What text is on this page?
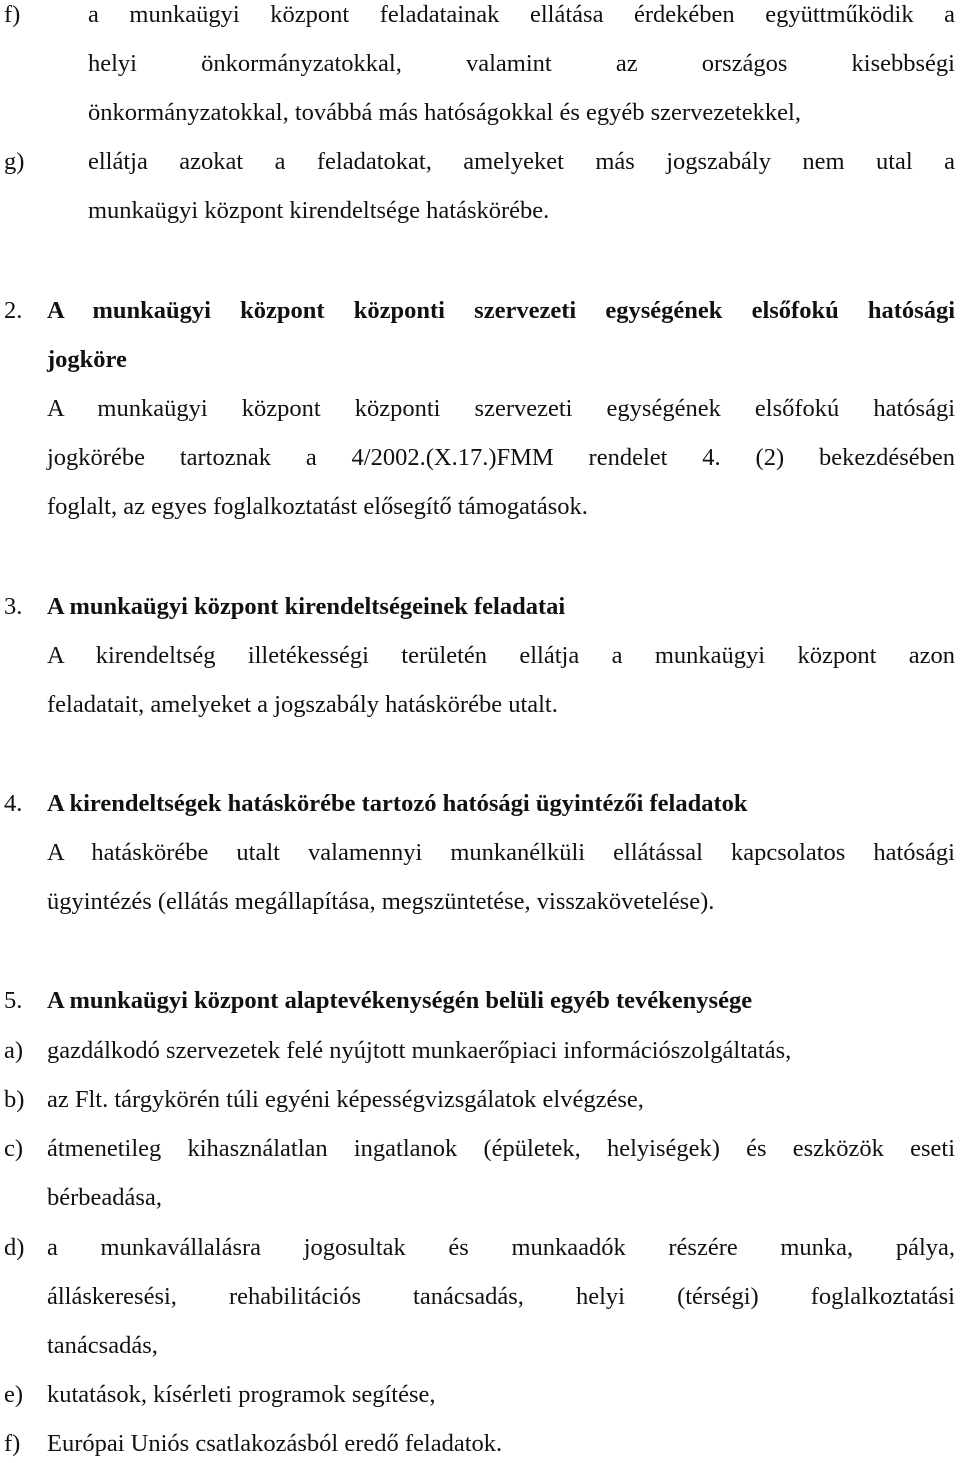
f)	a munkaügyi központ feladatainak ellátása érdekében együttműködik a

helyi önkormányzatokkal, valamint az országos kisebbségi

önkormányzatokkal, továbbá más hatóságokkal és egyéb szervezetekkel,

g)	ellátja azokat a feladatokat, amelyeket más jogszabály nem utal a

munkaügyi központ kirendeltsége hatáskörébe.

2. A munkaügyi központ központi szervezeti egységének elsőfokú hatósági

jogköre

A munkaügyi központ központi szervezeti egységének elsőfokú hatósági

jogkörébe tartoznak a 4/2002.(X.17.)FMM rendelet 4. (2) bekezdésében

foglalt, az egyes foglalkoztatást elősegítő támogatások.

3. A munkaügyi központ kirendeltségeinek feladatai

A kirendeltség illetékességi területén ellátja a munkaügyi központ azon

feladatait, amelyeket a jogszabály hatáskörébe utalt.

4. A kirendeltségek hatáskörébe tartozó hatósági ügyintézői feladatok

A hatáskörébe utalt valamennyi munkanélküli ellátással kapcsolatos hatósági

ügyintézés (ellátás megállapítása, megszüntetése, visszakövetelése).

5. A munkaügyi központ alaptevékenységén belüli egyéb tevékenysége

a) gazdálkodó szervezetek felé nyújtott munkaerőpiaci információszolgáltatás,

b) az Flt. tárgykörén túli egyéni képességvizsgálatok elvégzése,

c) átmenetileg kihasználatlan ingatlanok (épületek, helyiségek) és eszközök eseti

bérbeadása,

d) a munkavállalásra jogosultak és munkaadók részére munka, pálya,

álláskeresési, rehabilitációs tanácsadás, helyi (térségi) foglalkoztatási

tanácsadás,

e) kutatások, kísérleti programok segítése,

f) Európai Uniós csatlakozásból eredő feladatok.
